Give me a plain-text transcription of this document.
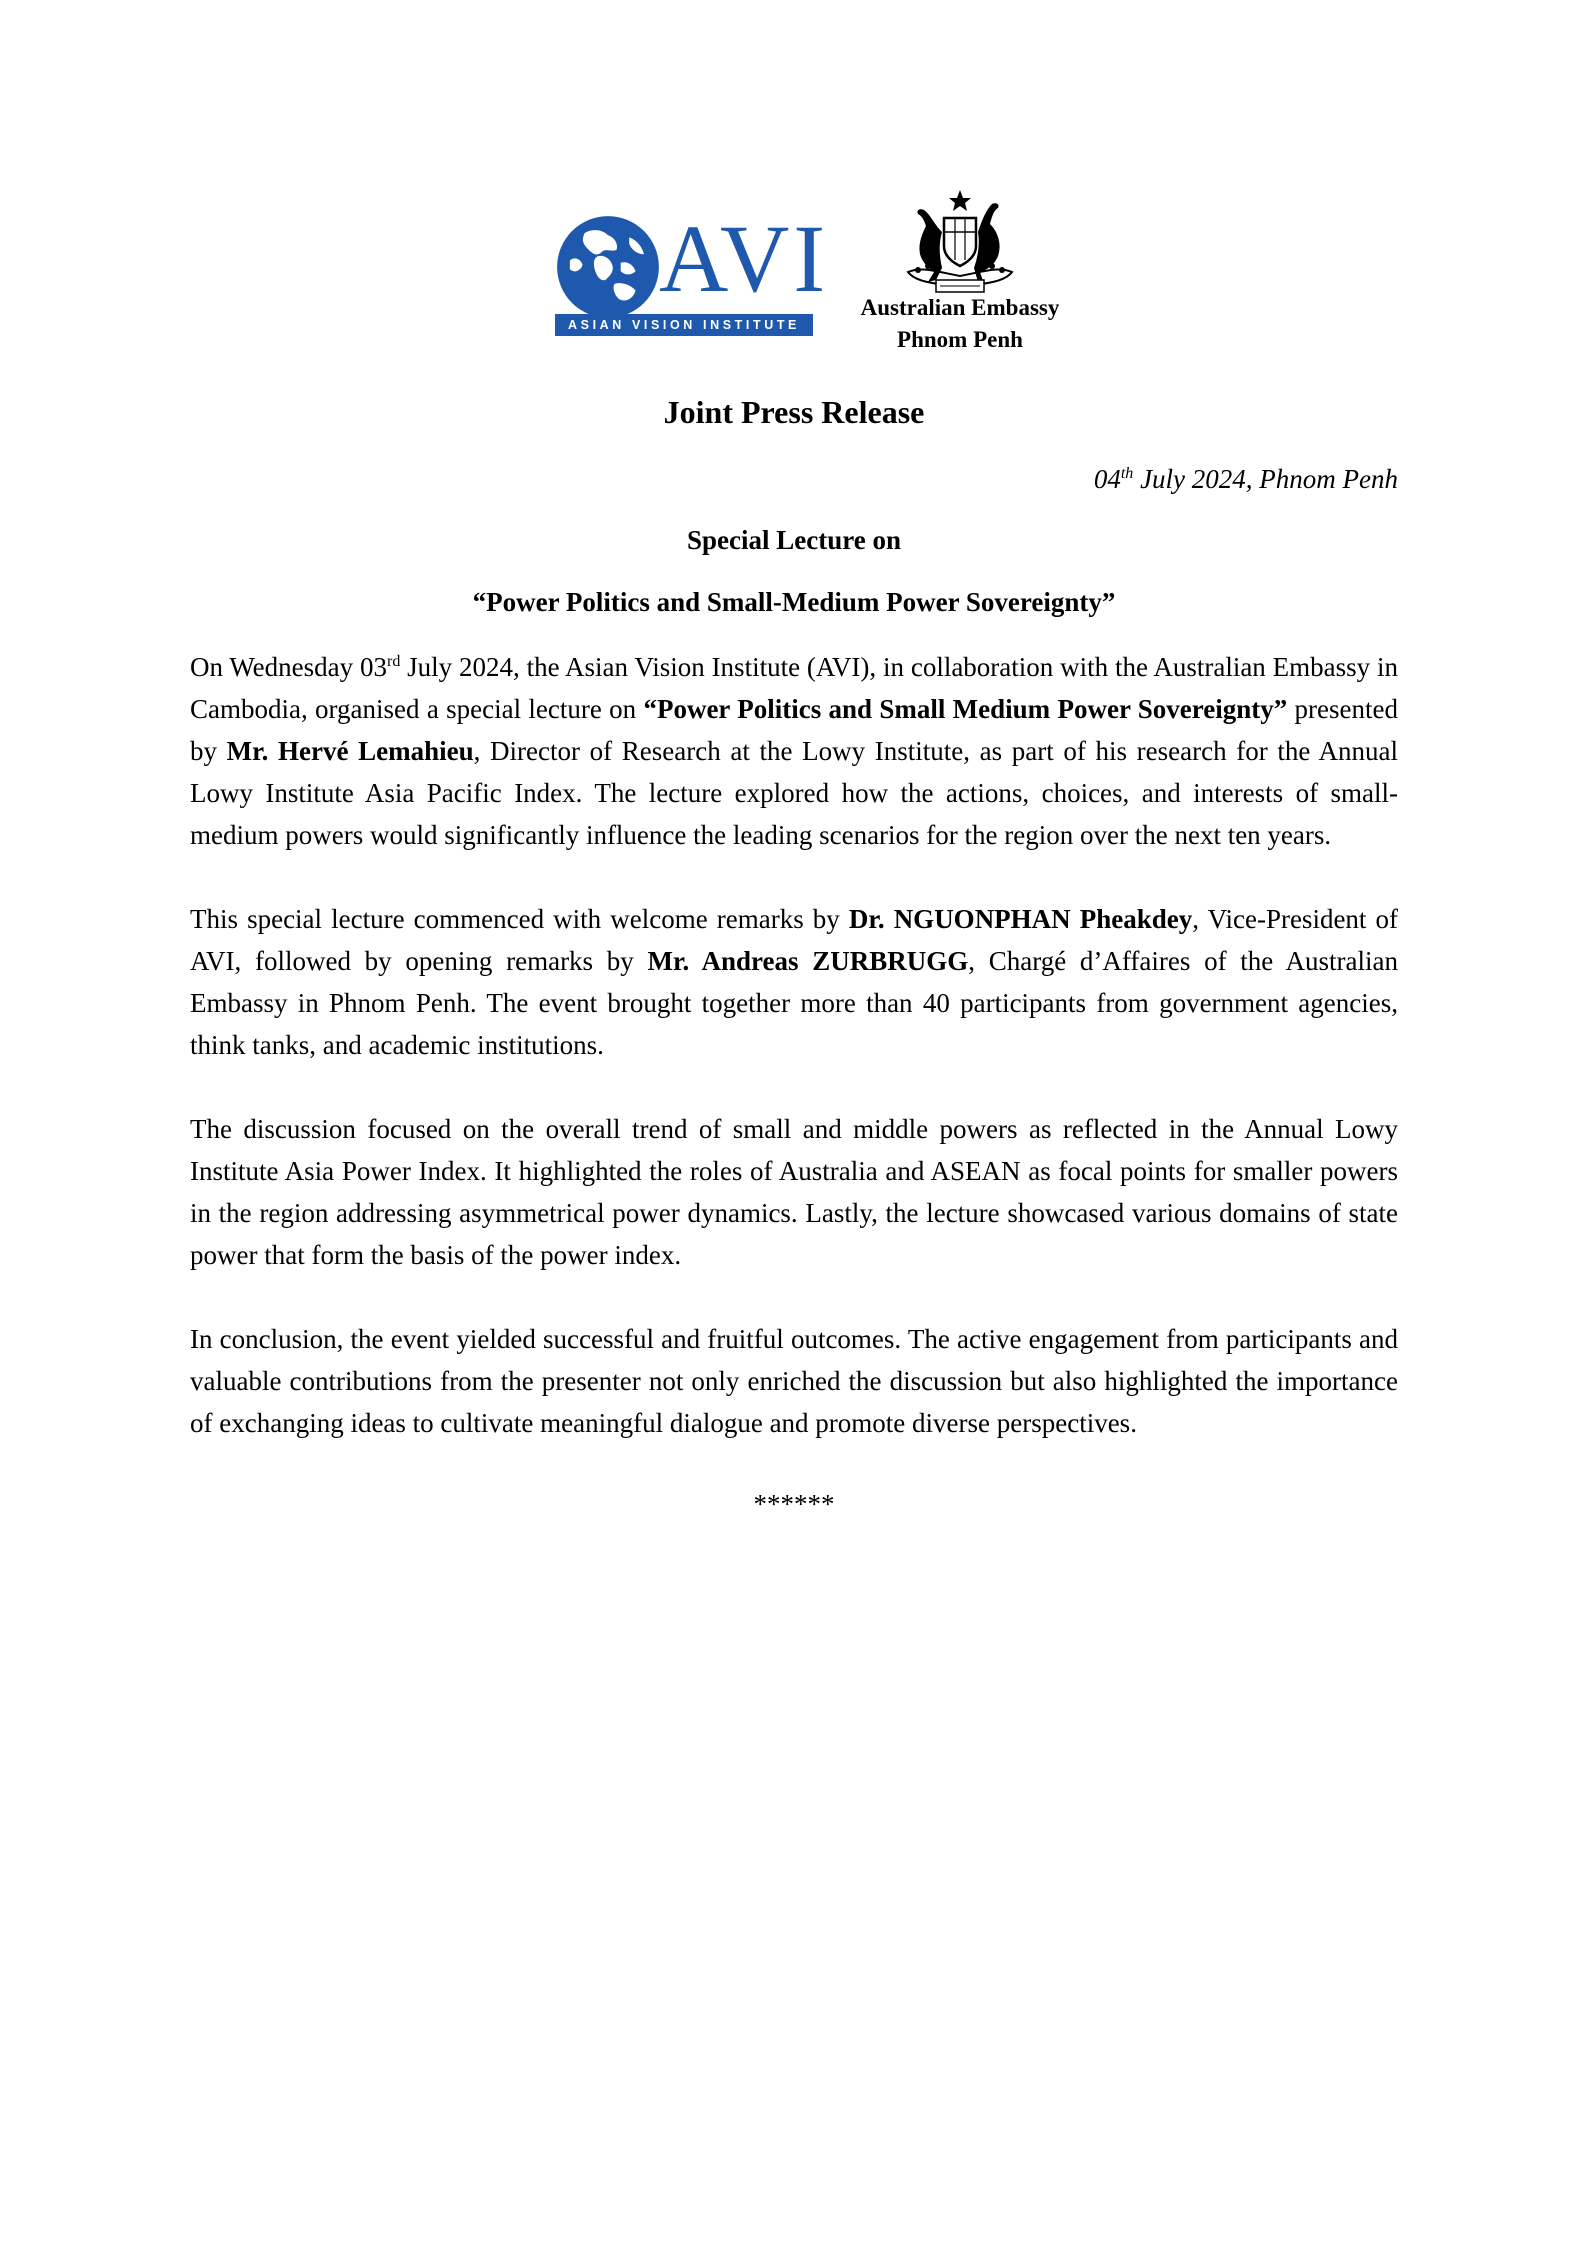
AVI
ASIAN VISION INSTITUTE
Australian Embassy
Phnom Penh
Joint Press Release
04th July 2024, Phnom Penh
Special Lecture on
“Power Politics and Small-Medium Power Sovereignty”

On Wednesday 03rd July 2024, the Asian Vision Institute (AVI), in collaboration with the Australian Embassy in Cambodia, organised a special lecture on “Power Politics and Small Medium Power Sovereignty” presented by Mr. Hervé Lemahieu, Director of Research at the Lowy Institute, as part of his research for the Annual Lowy Institute Asia Pacific Index. The lecture explored how the actions, choices, and interests of small-medium powers would significantly influence the leading scenarios for the region over the next ten years.

This special lecture commenced with welcome remarks by Dr. NGUONPHAN Pheakdey, Vice-President of AVI, followed by opening remarks by Mr. Andreas ZURBRUGG, Chargé d’Affaires of the Australian Embassy in Phnom Penh. The event brought together more than 40 participants from government agencies, think tanks, and academic institutions.

The discussion focused on the overall trend of small and middle powers as reflected in the Annual Lowy Institute Asia Power Index. It highlighted the roles of Australia and ASEAN as focal points for smaller powers in the region addressing asymmetrical power dynamics. Lastly, the lecture showcased various domains of state power that form the basis of the power index.

In conclusion, the event yielded successful and fruitful outcomes. The active engagement from participants and valuable contributions from the presenter not only enriched the discussion but also highlighted the importance of exchanging ideas to cultivate meaningful dialogue and promote diverse perspectives.

******
